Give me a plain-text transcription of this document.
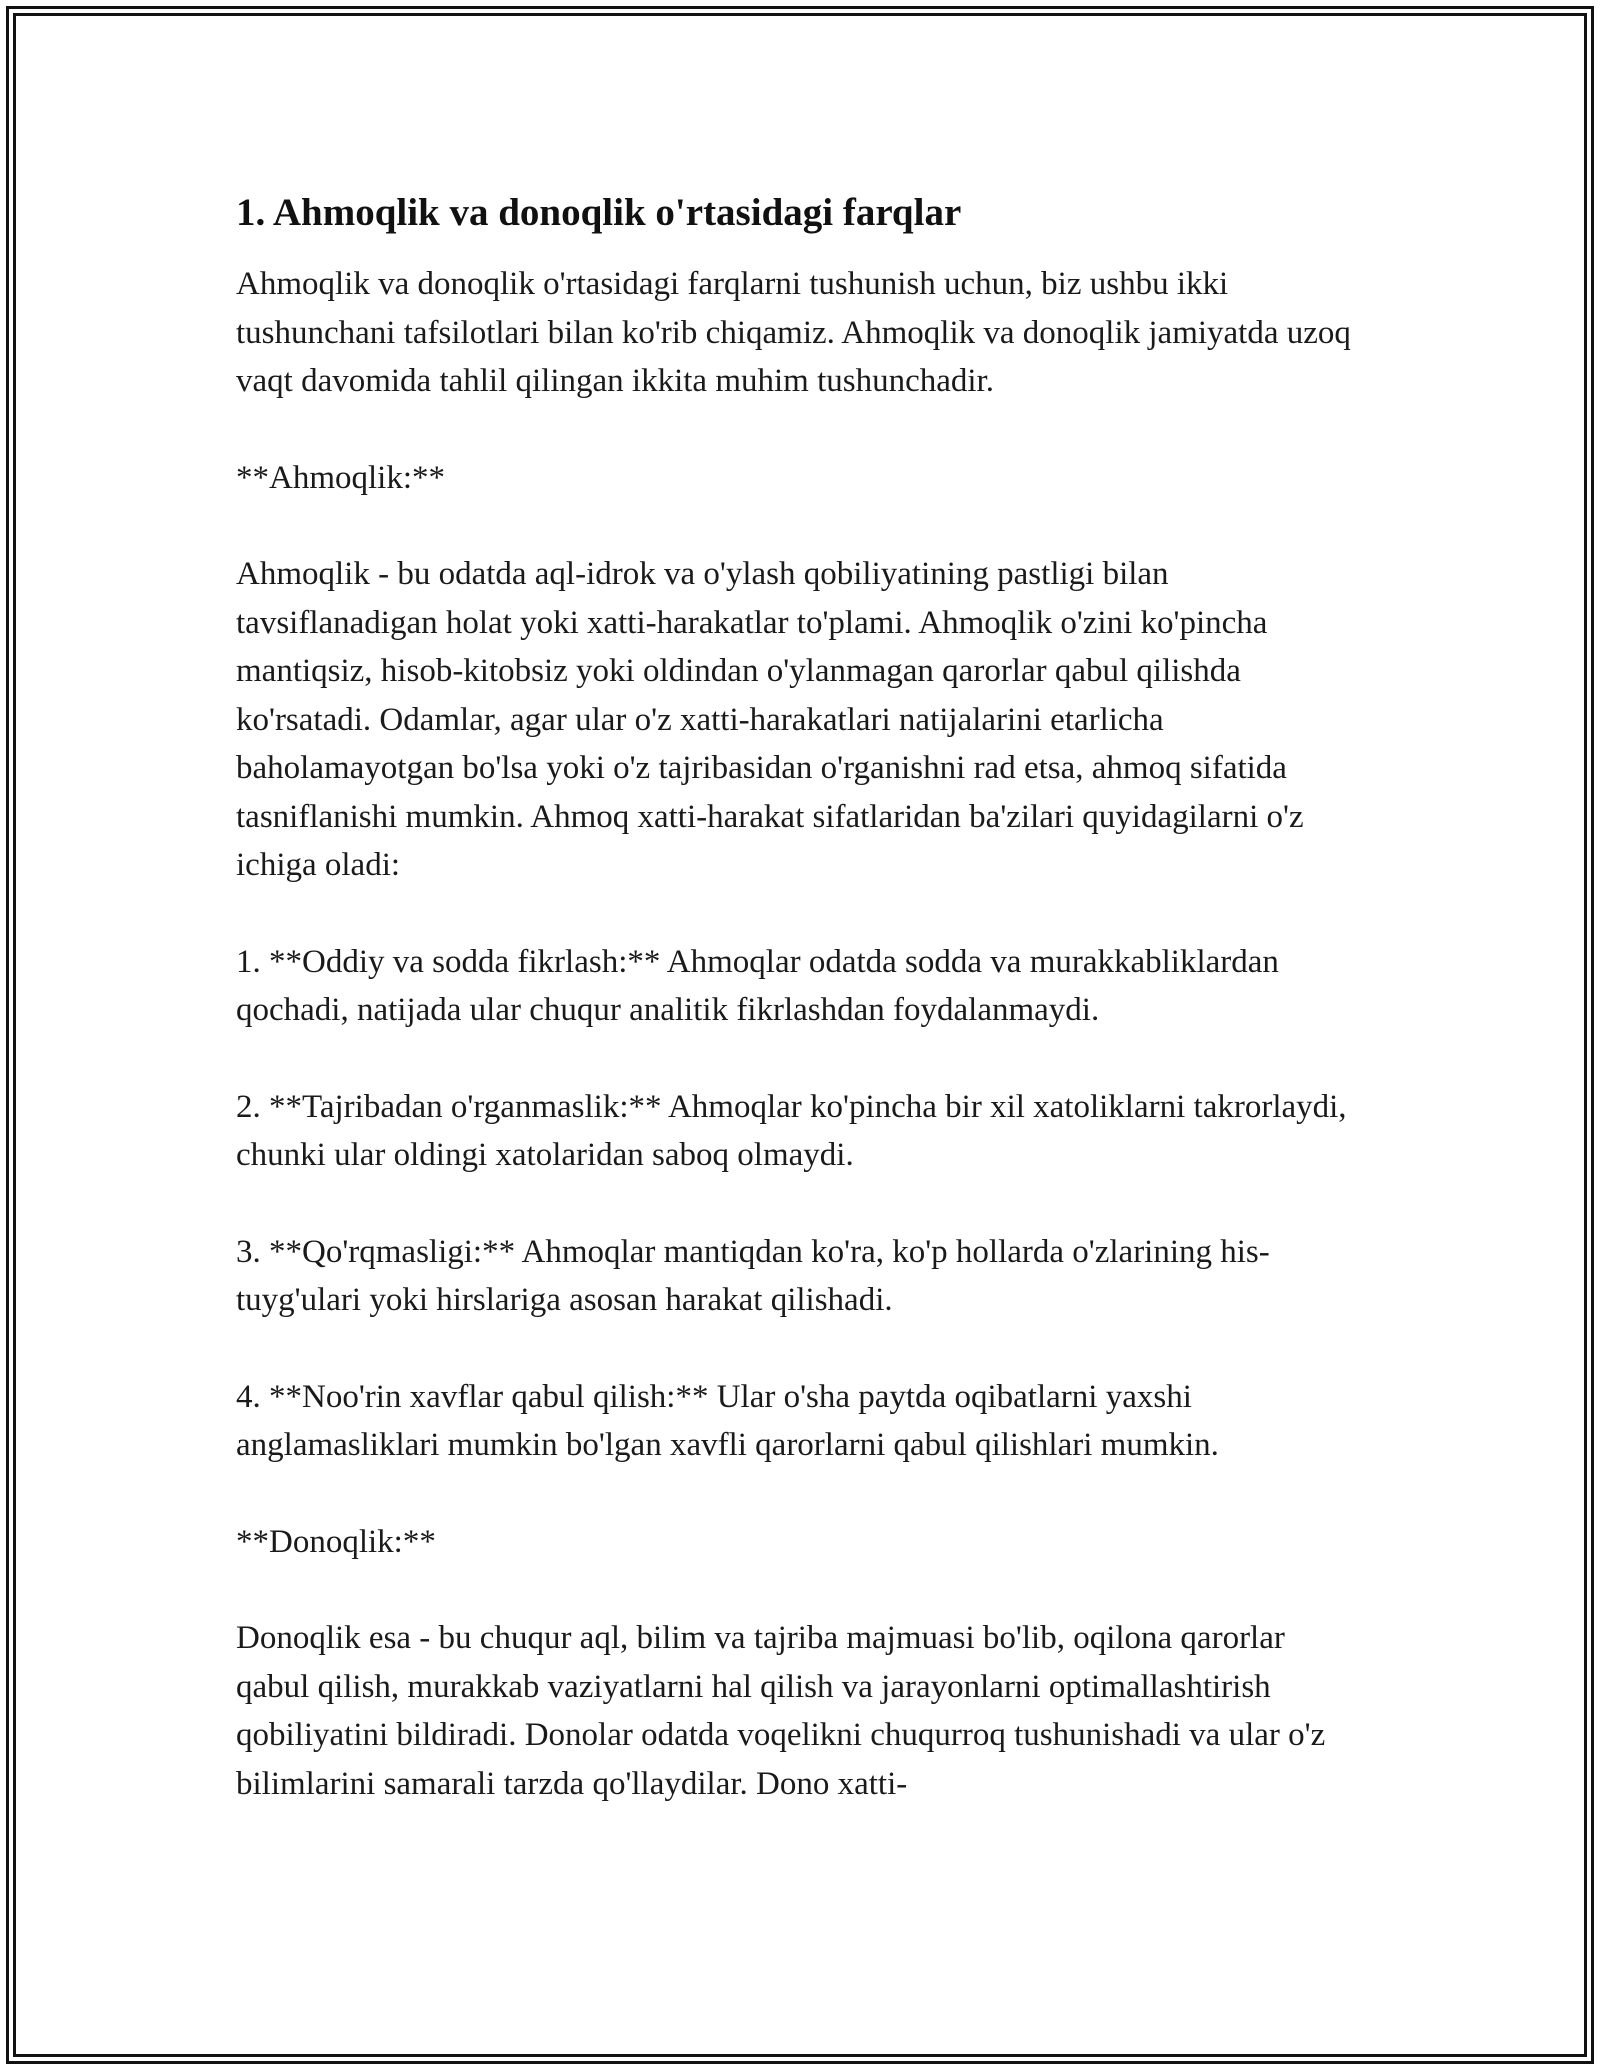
1. Ahmoqlik va donoqlik o'rtasidagi farqlar

Ahmoqlik va donoqlik o'rtasidagi farqlarni tushunish uchun, biz ushbu ikki tushunchani tafsilotlari bilan ko'rib chiqamiz. Ahmoqlik va donoqlik jamiyatda uzoq vaqt davomida tahlil qilingan ikkita muhim tushunchadir.

**Ahmoqlik:**

Ahmoqlik - bu odatda aql-idrok va o'ylash qobiliyatining pastligi bilan tavsiflanadigan holat yoki xatti-harakatlar to'plami. Ahmoqlik o'zini ko'pincha mantiqsiz, hisob-kitobsiz yoki oldindan o'ylanmagan qarorlar qabul qilishda ko'rsatadi. Odamlar, agar ular o'z xatti-harakatlari natijalarini etarlicha baholamayotgan bo'lsa yoki o'z tajribasidan o'rganishni rad etsa, ahmoq sifatida tasniflanishi mumkin. Ahmoq xatti-harakat sifatlaridan ba'zilari quyidagilarni o'z ichiga oladi:

1. **Oddiy va sodda fikrlash:** Ahmoqlar odatda sodda va murakkabliklardan qochadi, natijada ular chuqur analitik fikrlashdan foydalanmaydi.

2. **Tajribadan o'rganmaslik:** Ahmoqlar ko'pincha bir xil xatoliklarni takrorlaydi, chunki ular oldingi xatolaridan saboq olmaydi.

3. **Qo'rqmasligi:** Ahmoqlar mantiqdan ko'ra, ko'p hollarda o'zlarining his-tuyg'ulari yoki hirslariga asosan harakat qilishadi.

4. **Noo'rin xavflar qabul qilish:** Ular o'sha paytda oqibatlarni yaxshi anglamasliklari mumkin bo'lgan xavfli qarorlarni qabul qilishlari mumkin.

**Donoqlik:**

Donoqlik esa - bu chuqur aql, bilim va tajriba majmuasi bo'lib, oqilona qarorlar qabul qilish, murakkab vaziyatlarni hal qilish va jarayonlarni optimallashtirish qobiliyatini bildiradi. Donolar odatda voqelikni chuqurroq tushunishadi va ular o'z bilimlarini samarali tarzda qo'llaydilar. Dono xatti-
